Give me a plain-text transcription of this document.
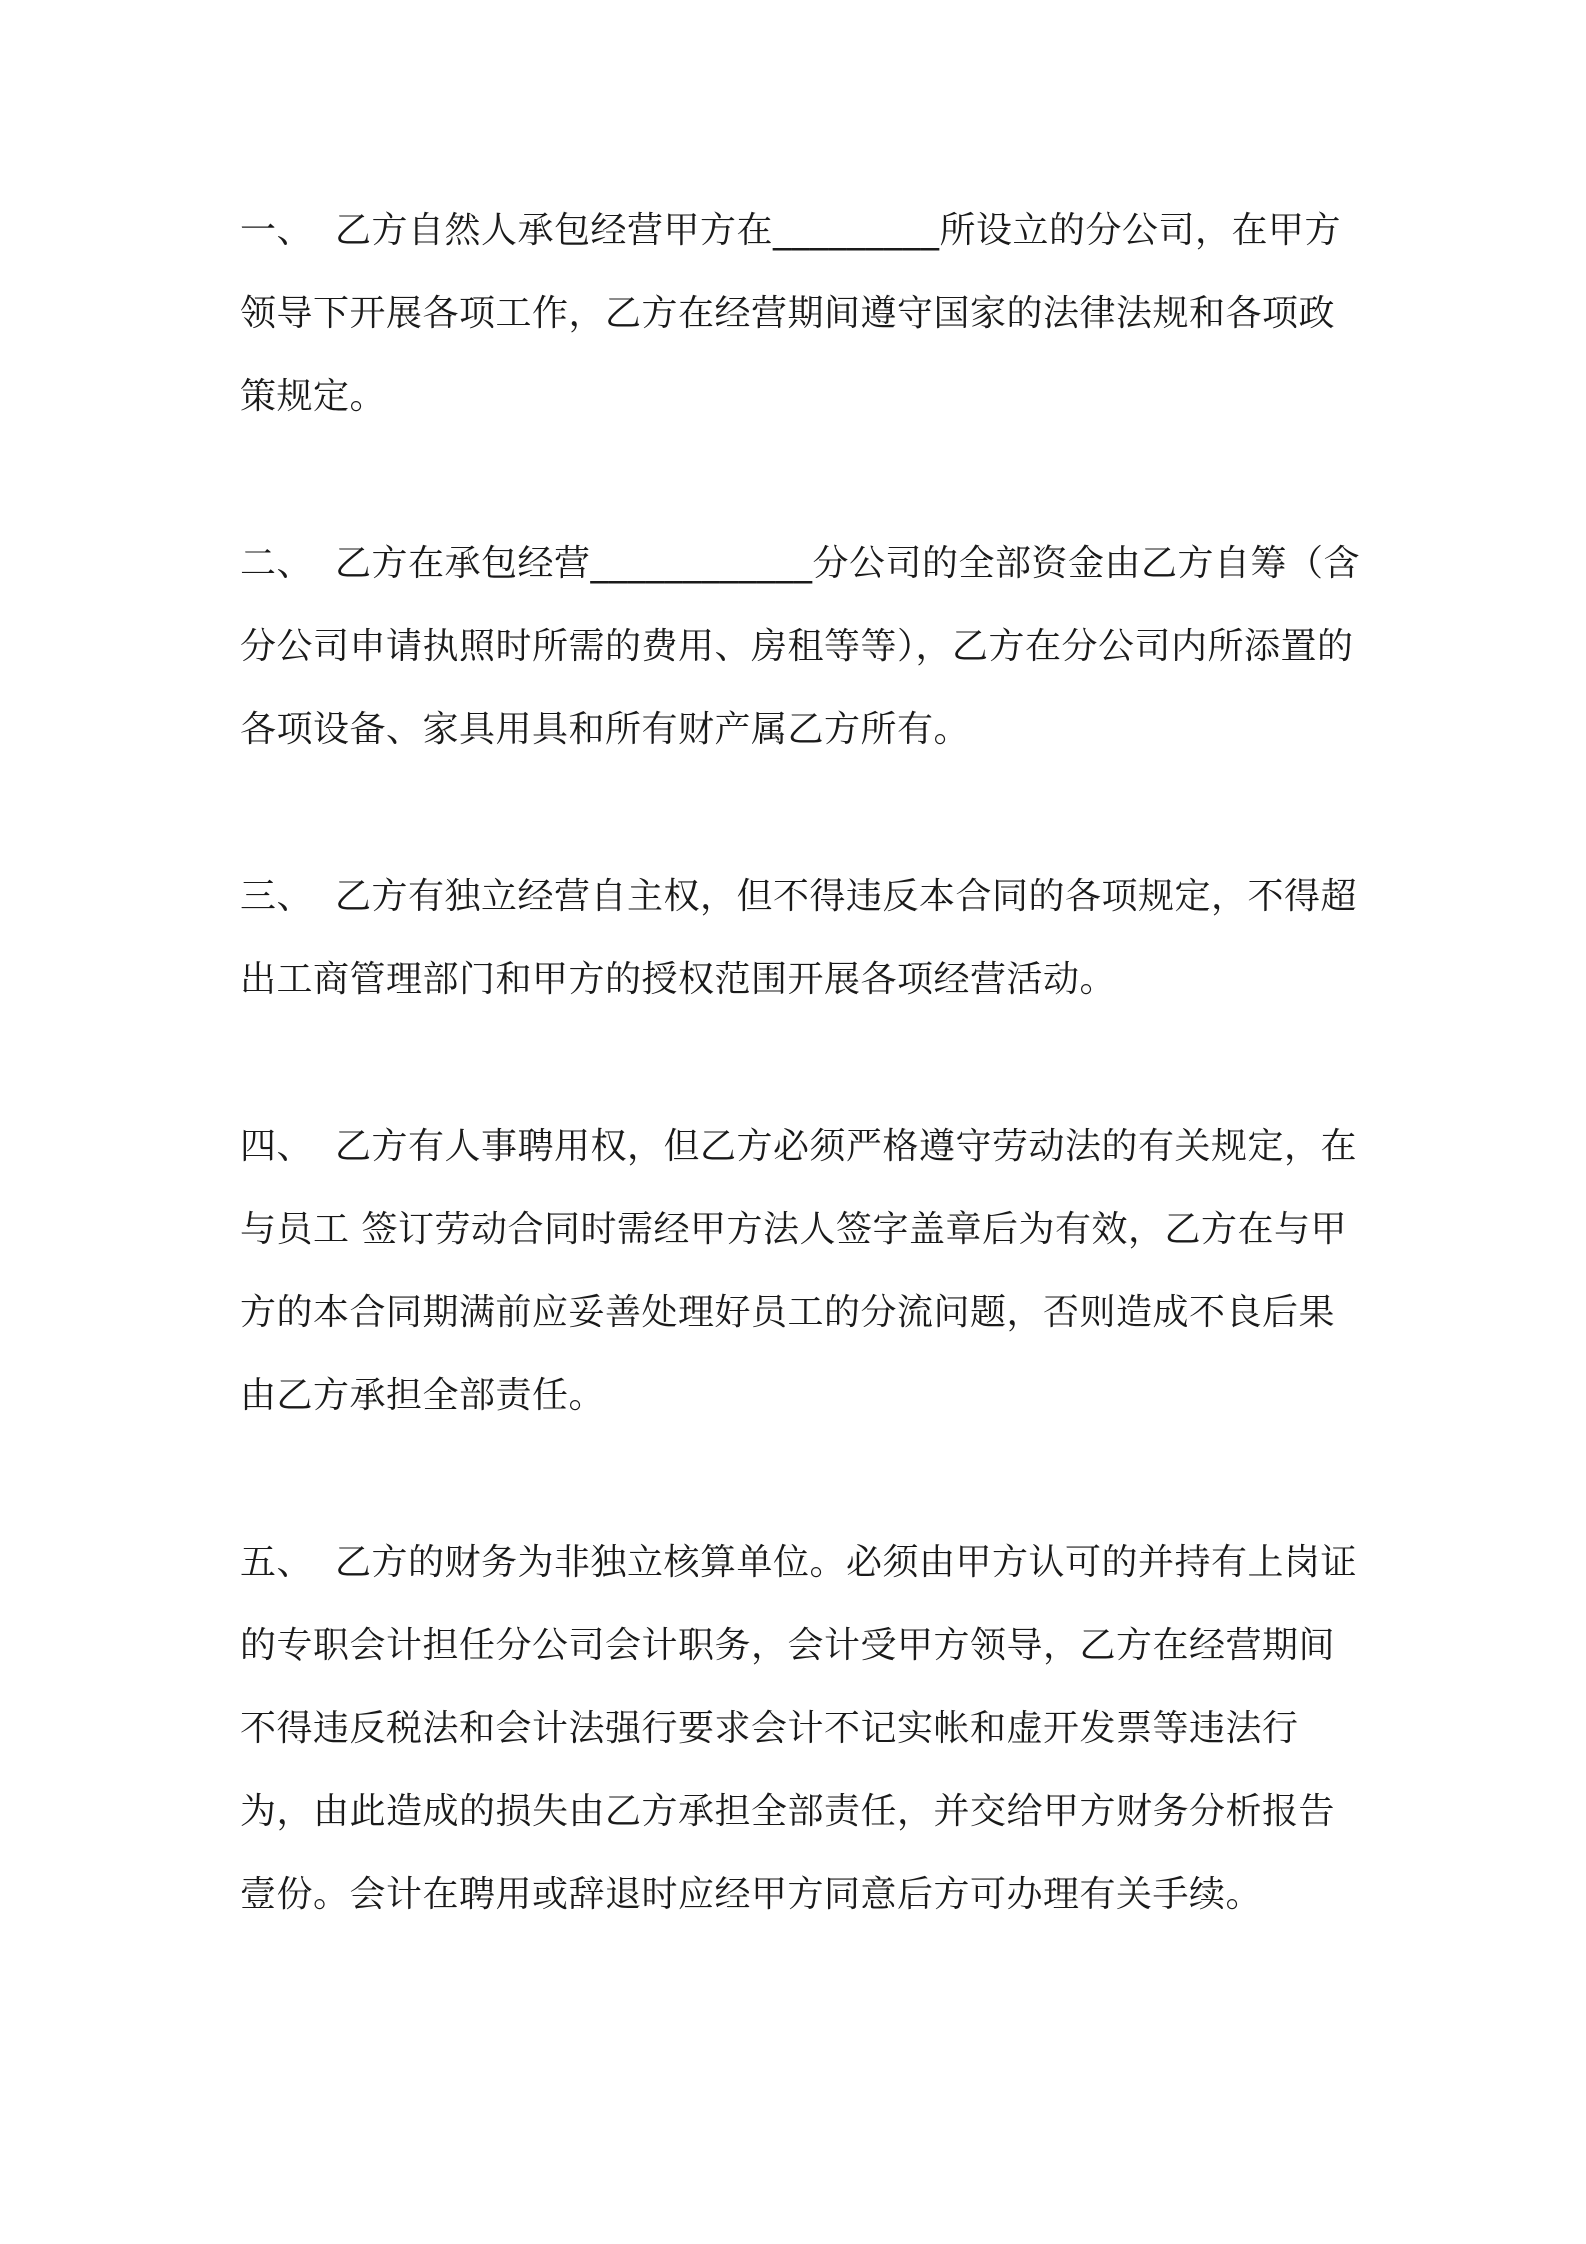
一、 乙方自然人承包经营甲方在_________所设立的分公司，在甲方领导下开展各项工作，乙方在经营期间遵守国家的法律法规和各项政策规定。

二、 乙方在承包经营____________分公司的全部资金由乙方自筹（含分公司申请执照时所需的费用、房租等等），乙方在分公司内所添置的各项设备、家具用具和所有财产属乙方所有。

三、 乙方有独立经营自主权，但不得违反本合同的各项规定，不得超出工商管理部门和甲方的授权范围开展各项经营活动。

四、 乙方有人事聘用权，但乙方必须严格遵守劳动法的有关规定，在与员工 签订劳动合同时需经甲方法人签字盖章后为有效，乙方在与甲方的本合同期满前应妥善处理好员工的分流问题，否则造成不良后果由乙方承担全部责任。

五、 乙方的财务为非独立核算单位。必须由甲方认可的并持有上岗证的专职会计担任分公司会计职务，会计受甲方领导，乙方在经营期间不得违反税法和会计法强行要求会计不记实帐和虚开发票等违法行为，由此造成的损失由乙方承担全部责任，并交给甲方财务分析报告壹份。会计在聘用或辞退时应经甲方同意后方可办理有关手续。
